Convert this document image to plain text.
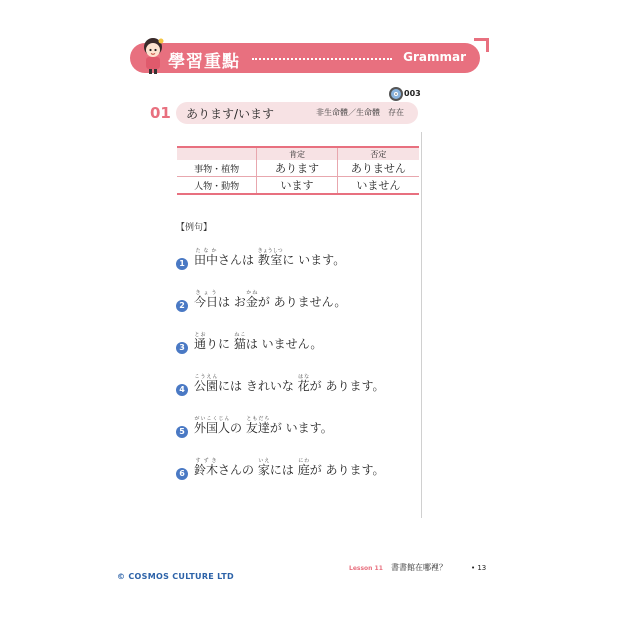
學習重點	Grammar
003
01 あります/います	非生命體／生命體　存在
	肯定	否定
事物・植物	あります	ありません
人物・動物	います	いません
【例句】
1 田中たなかさんは 教室きょうしつに います。
2 今日きょうは お金かねが ありません。
3 通とおりに 猫ねこは いません。
4 公園こうえんには きれいな 花はなが あります。
5 外国人がいこくじんの 友達ともだちが います。
6 鈴木すずきさんの 家いえには 庭にわが あります。
© COSMOS CULTURE LTD
Lesson 11 書書館在哪裡？	• 13
